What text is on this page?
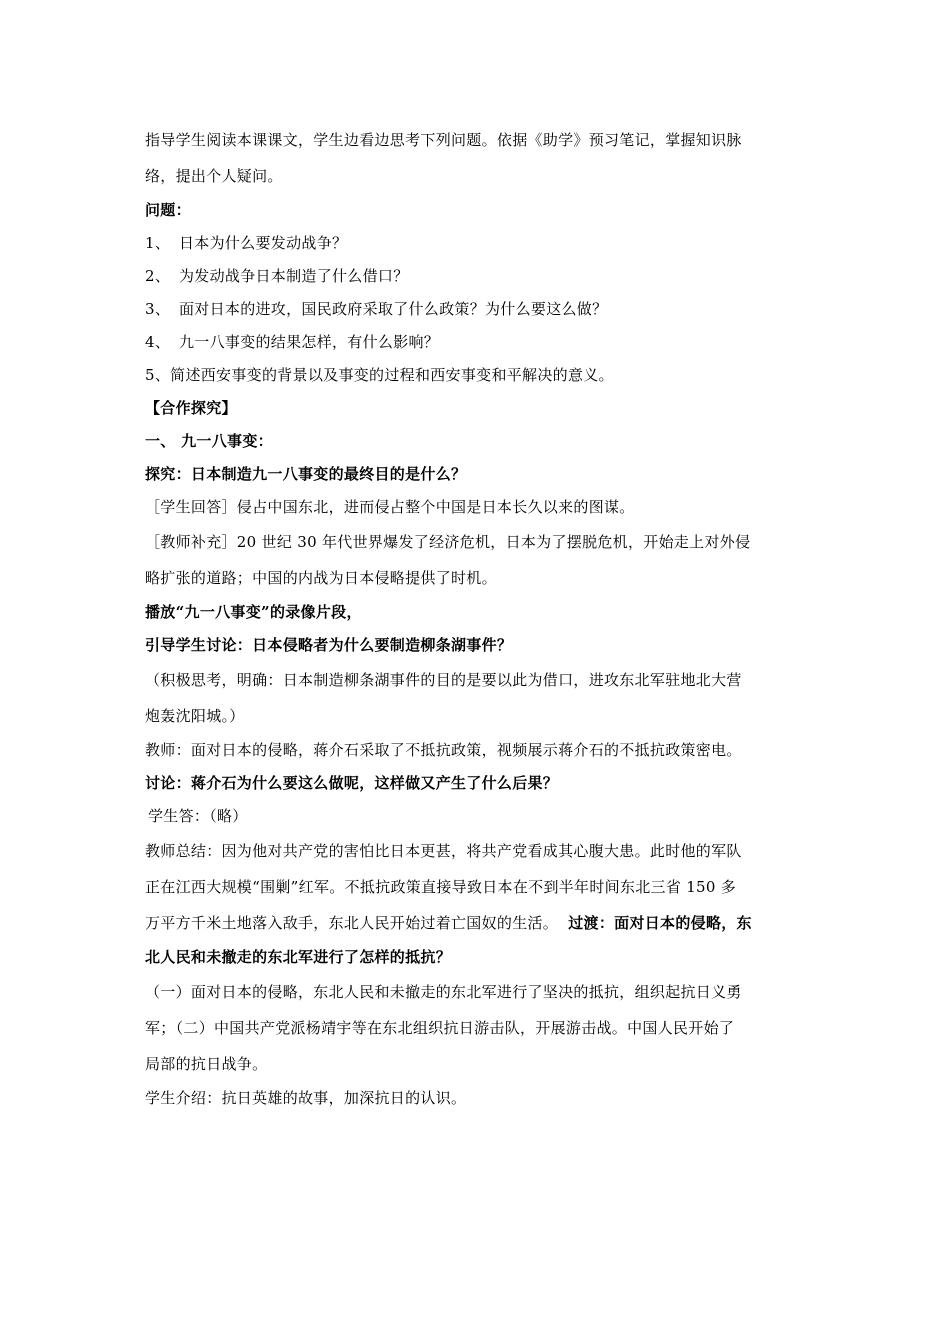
指导学生阅读本课课文，学生边看边思考下列问题。依据《助学》预习笔记，掌握知识脉

络，提出个人疑问。

问题：

1、 日本为什么要发动战争？

2、 为发动战争日本制造了什么借口？

3、 面对日本的进攻，国民政府采取了什么政策？为什么要这么做？

4、 九一八事变的结果怎样，有什么影响？

5、简述西安事变的背景以及事变的过程和西安事变和平解决的意义。

【合作探究】

一、 九一八事变：

探究：日本制造九一八事变的最终目的是什么？

［学生回答］侵占中国东北，进而侵占整个中国是日本长久以来的图谋。

［教师补充］20 世纪 30 年代世界爆发了经济危机，日本为了摆脱危机，开始走上对外侵

略扩张的道路；中国的内战为日本侵略提供了时机。

播放“九一八事变”的录像片段，

引导学生讨论：日本侵略者为什么要制造柳条湖事件？

（积极思考，明确：日本制造柳条湖事件的目的是要以此为借口，进攻东北军驻地北大营

炮轰沈阳城。）

教师：面对日本的侵略，蒋介石采取了不抵抗政策，视频展示蒋介石的不抵抗政策密电。

讨论：蒋介石为什么要这么做呢，这样做又产生了什么后果？

学生答：（略）

教师总结：因为他对共产党的害怕比日本更甚，将共产党看成其心腹大患。此时他的军队

正在江西大规模“围剿”红军。不抵抗政策直接导致日本在不到半年时间东北三省 150 多

万平方千米土地落入敌手，东北人民开始过着亡国奴的生活。 过渡：面对日本的侵略，东

北人民和未撤走的东北军进行了怎样的抵抗？

（一）面对日本的侵略，东北人民和未撤走的东北军进行了坚决的抵抗，组织起抗日义勇

军；（二）中国共产党派杨靖宇等在东北组织抗日游击队，开展游击战。中国人民开始了

局部的抗日战争。

学生介绍：抗日英雄的故事，加深抗日的认识。
